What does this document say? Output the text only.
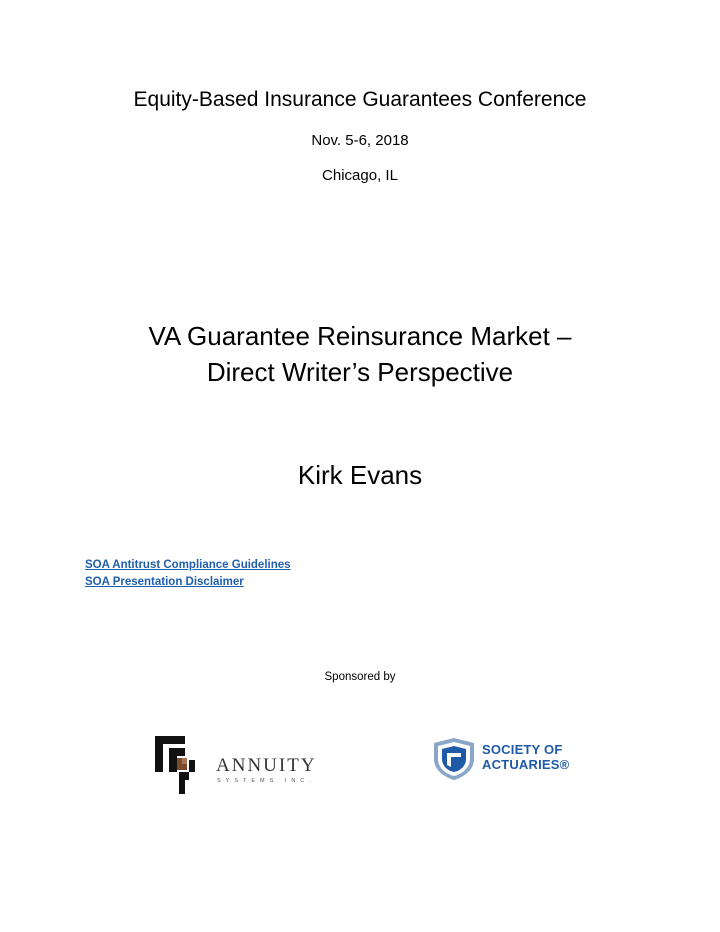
Equity-Based Insurance Guarantees Conference
Nov. 5-6, 2018
Chicago, IL
VA Guarantee Reinsurance Market –
Direct Writer’s Perspective
Kirk Evans
SOA Antitrust Compliance Guidelines
SOA Presentation Disclaimer
Sponsored by
ANNUITY
SYSTEMS INC.
SOCIETY OF
ACTUARIES®
